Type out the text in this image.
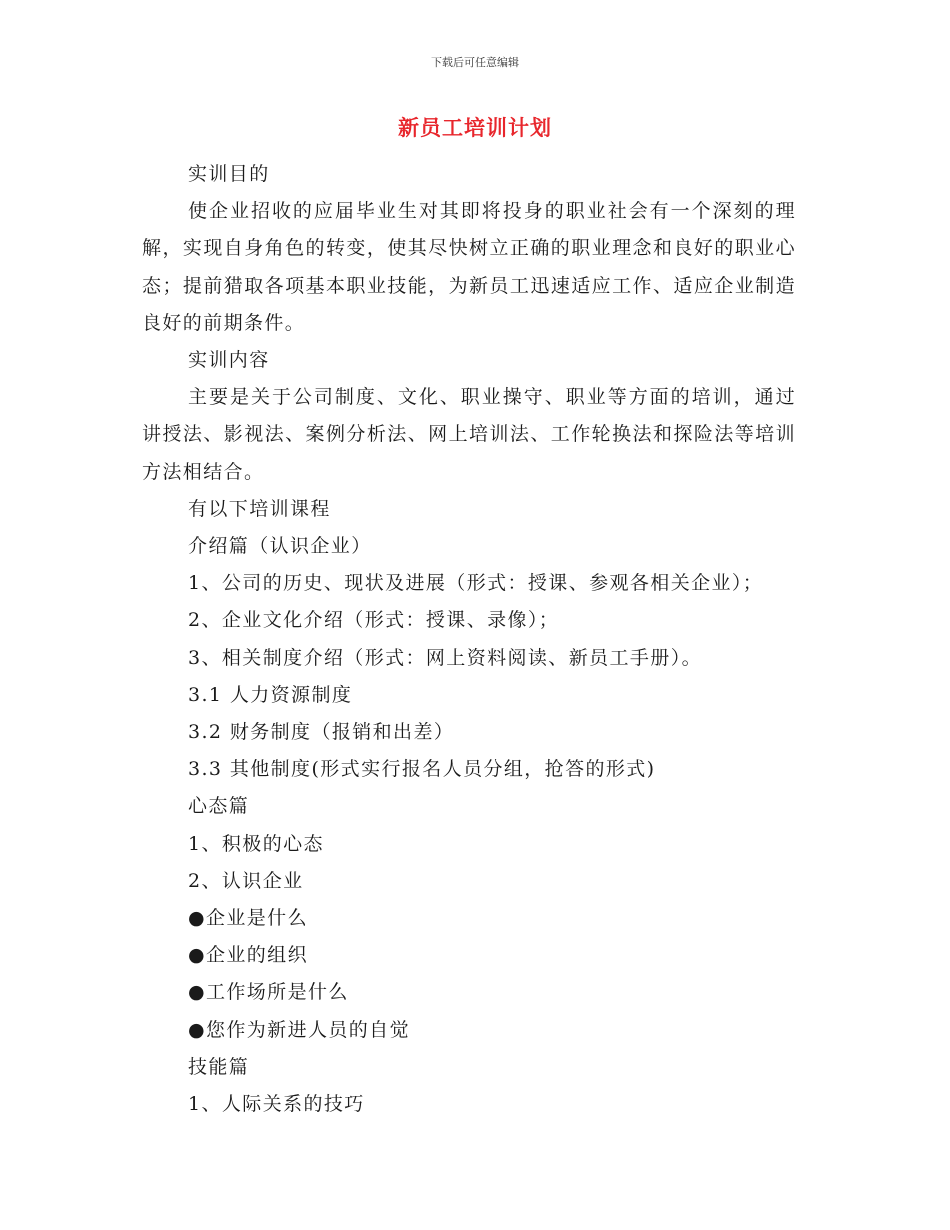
下载后可任意编辑
新员工培训计划

实训目的

使企业招收的应届毕业生对其即将投身的职业社会有一个深刻的理解，实现自身角色的转变，使其尽快树立正确的职业理念和良好的职业心态；提前猎取各项基本职业技能，为新员工迅速适应工作、适应企业制造良好的前期条件。

实训内容

主要是关于公司制度、文化、职业操守、职业等方面的培训，通过讲授法、影视法、案例分析法、网上培训法、工作轮换法和探险法等培训方法相结合。

有以下培训课程

介绍篇（认识企业）

1、公司的历史、现状及进展（形式：授课、参观各相关企业）；

2、企业文化介绍（形式：授课、录像）；

3、相关制度介绍（形式：网上资料阅读、新员工手册）。

3.1 人力资源制度

3.2 财务制度（报销和出差）

3.3 其他制度(形式实行报名人员分组，抢答的形式)

心态篇

1、积极的心态

2、认识企业

●企业是什么

●企业的组织

●工作场所是什么

●您作为新进人员的自觉

技能篇

1、人际关系的技巧
